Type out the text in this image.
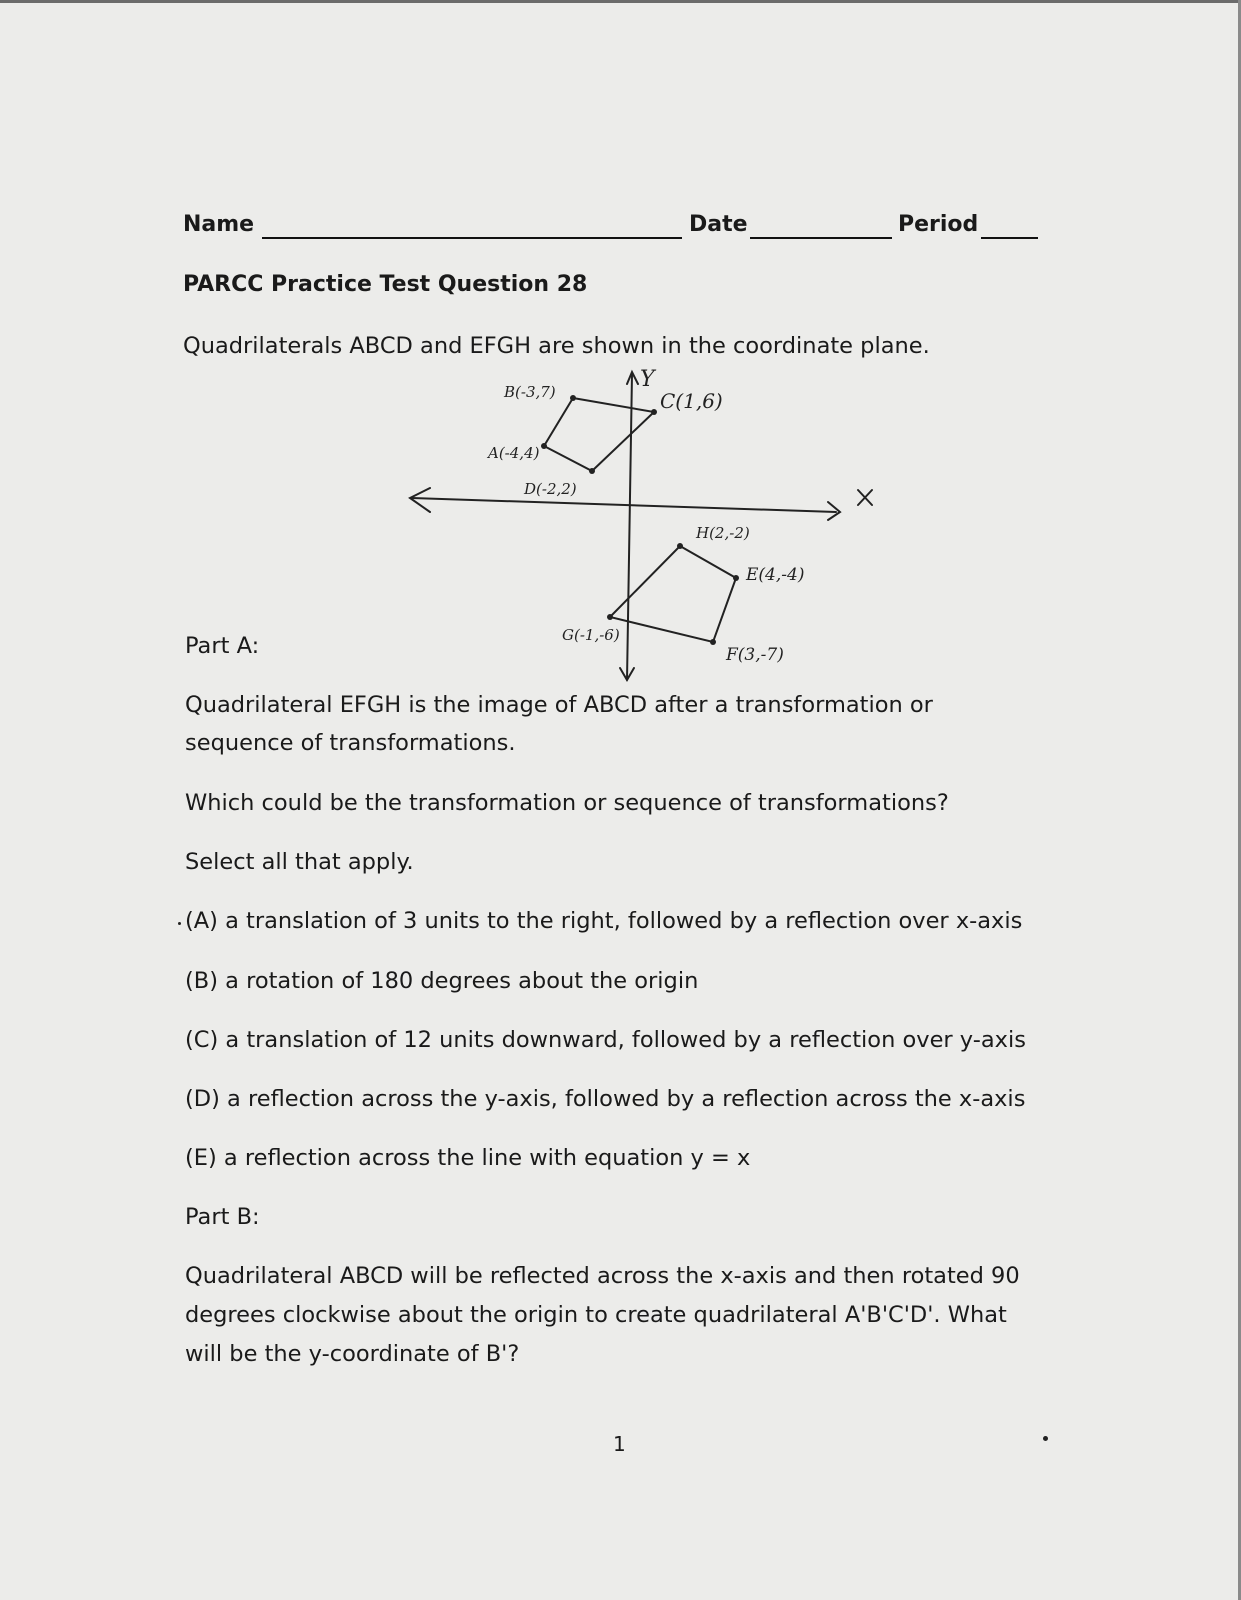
Name	Date	Period
PARCC Practice Test Question 28
Quadrilaterals ABCD and EFGH are shown in the coordinate plane.
B(-3,7)	C(1,6)
A(-4,4)
D(-2,2)
Y
H(2,-2)
E(4,-4)
G(-1,-6)
F(3,-7)
Part A:
Quadrilateral EFGH is the image of ABCD after a transformation or
sequence of transformations.
Which could be the transformation or sequence of transformations?
Select all that apply.
(A) a translation of 3 units to the right, followed by a reflection over x-axis
(B) a rotation of 180 degrees about the origin
(C) a translation of 12 units downward, followed by a reflection over y-axis
(D) a reflection across the y-axis, followed by a reflection across the x-axis
(E) a reflection across the line with equation y = x
Part B:
Quadrilateral ABCD will be reflected across the x-axis and then rotated 90
degrees clockwise about the origin to create quadrilateral A'B'C'D'. What
will be the y-coordinate of B'?
1
